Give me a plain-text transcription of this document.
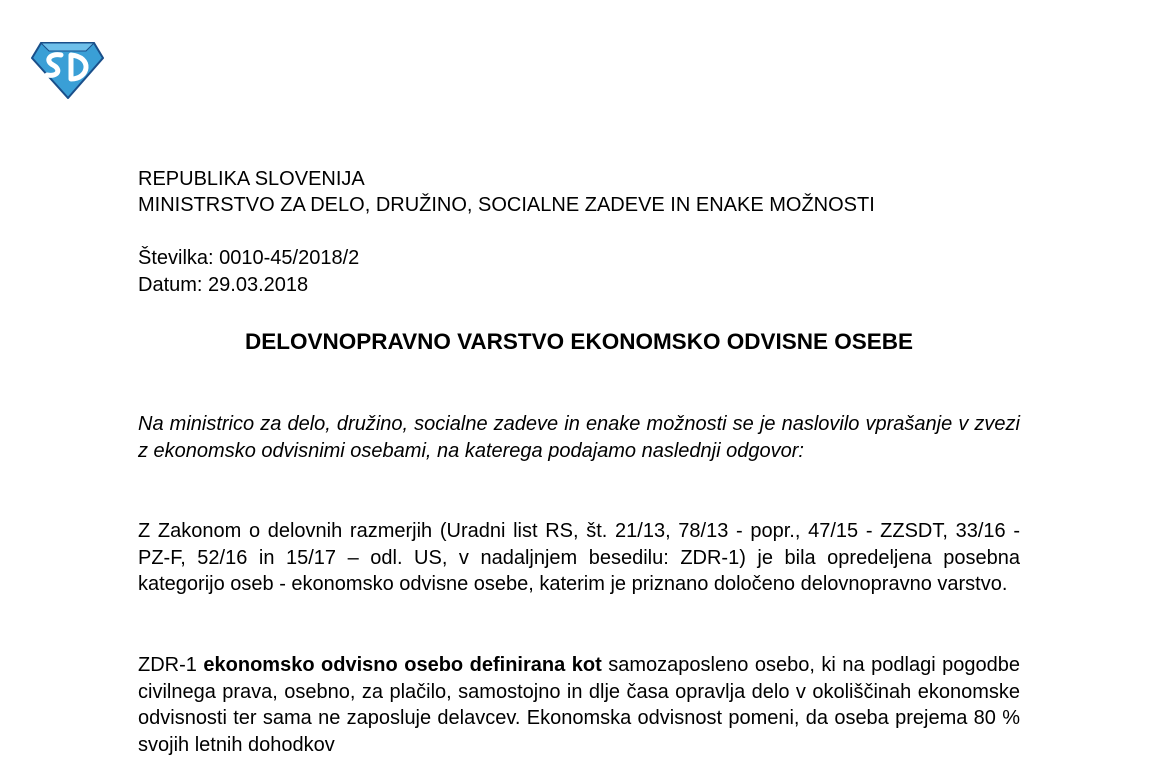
REPUBLIKA SLOVENIJA
MINISTRSTVO ZA DELO, DRUŽINO, SOCIALNE ZADEVE IN ENAKE MOŽNOSTI
Številka: 0010-45/2018/2
Datum: 29.03.2018
DELOVNOPRAVNO VARSTVO EKONOMSKO ODVISNE OSEBE
Na ministrico za delo, družino, socialne zadeve in enake možnosti se je naslovilo vprašanje v zvezi z ekonomsko odvisnimi osebami, na katerega podajamo naslednji odgovor:
Z Zakonom o delovnih razmerjih (Uradni list RS, št. 21/13, 78/13 - popr., 47/15 - ZZSDT, 33/16 - PZ-F, 52/16 in 15/17 – odl. US, v nadaljnjem besedilu: ZDR-1) je bila opredeljena posebna kategorijo oseb - ekonomsko odvisne osebe, katerim je priznano določeno delovnopravno varstvo.
ZDR-1 ekonomsko odvisno osebo definirana kot samozaposleno osebo, ki na podlagi pogodbe civilnega prava, osebno, za plačilo, samostojno in dlje časa opravlja delo v okoliščinah ekonomske odvisnosti ter sama ne zaposluje delavcev. Ekonomska odvisnost pomeni, da oseba prejema 80 % svojih letnih dohodkov
